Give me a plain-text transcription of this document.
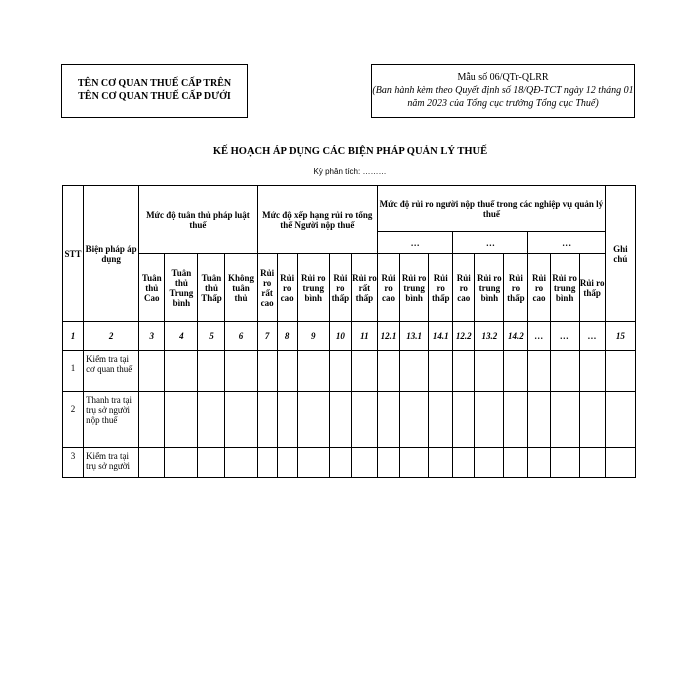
TÊN CƠ QUAN THUẾ CẤP TRÊN
TÊN CƠ QUAN THUẾ CẤP DƯỚI
Mẫu số 06/QTr-QLRR
(Ban hành kèm theo Quyết định số 18/QĐ-TCT ngày 12 tháng 01 năm 2023 của Tổng cục trưởng Tổng cục Thuế)
KẾ HOẠCH ÁP DỤNG CÁC BIỆN PHÁP QUẢN LÝ THUẾ
Kỳ phân tích: ………
STT	Biện pháp áp dụng	Mức độ tuân thủ pháp luật thuế				Mức độ xếp hạng rủi ro tổng thể Người nộp thuế					Mức độ rủi ro người nộp thuế trong các nghiệp vụ quản lý thuế									Ghi chú
											…			…			…			
		Tuân thủ Cao	Tuân thủ Trung bình	Tuân thủ Thấp	Không tuân thủ	Rủi ro rất cao	Rủi ro cao	Rủi ro trung bình	Rủi ro thấp	Rủi ro rất thấp	Rủi ro cao	Rủi ro trung bình	Rủi ro thấp	Rủi ro cao	Rủi ro trung bình	Rủi ro thấp	Rủi ro cao	Rủi ro trung bình	Rủi ro thấp	
1	2	3	4	5	6	7	8	9	10	11	12.1	13.1	14.1	12.2	13.2	14.2	…	…	…	15
1	Kiểm tra tại cơ quan thuế																			
2	Thanh tra tại trụ sở người nộp thuế																			
3	Kiểm tra tại trụ sở người																			
